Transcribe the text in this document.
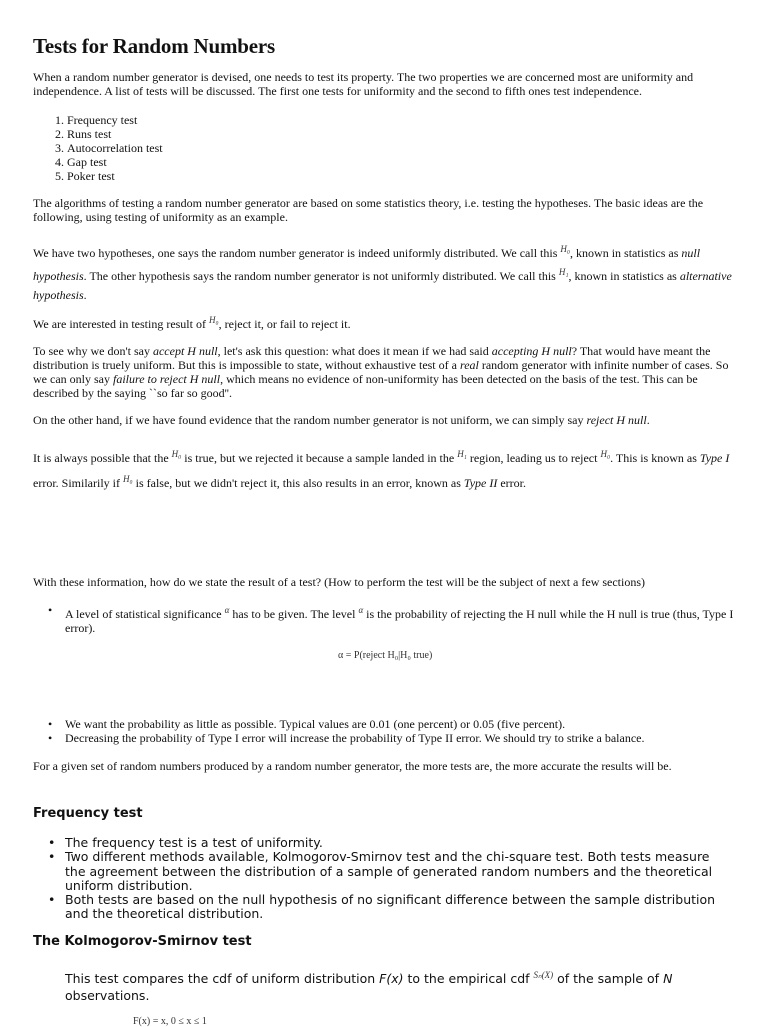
Tests for Random Numbers

When a random number generator is devised, one needs to test its property. The two properties we are concerned most are uniformity and independence. A list of tests will be discussed. The first one tests for uniformity and the second to fifth ones test independence.

1. Frequency test
2. Runs test
3. Autocorrelation test
4. Gap test
5. Poker test

The algorithms of testing a random number generator are based on some statistics theory, i.e. testing the hypotheses. The basic ideas are the following, using testing of uniformity as an example.

We have two hypotheses, one says the random number generator is indeed uniformly distributed. We call this $^{H_0}$, known in statistics as null hypothesis. The other hypothesis says the random number generator is not uniformly distributed. We call this $^{H_1}$, known in statistics as alternative hypothesis.

We are interested in testing result of $^{H_0}$, reject it, or fail to reject it.

To see why we don't say accept H null, let's ask this question: what does it mean if we had said accepting H null? That would have meant the distribution is truely uniform. But this is impossible to state, without exhaustive test of a real random generator with infinite number of cases. So we can only say failure to reject H null, which means no evidence of non-uniformity has been detected on the basis of the test. This can be described by the saying ``so far so good''.

On the other hand, if we have found evidence that the random number generator is not uniform, we can simply say reject H null.

It is always possible that the $^{H_0}$ is true, but we rejected it because a sample landed in the $^{H_1}$ region, leading us to reject $^{H_0}$. This is known as Type I error. Similarily if $^{H_0}$ is false, but we didn't reject it, this also results in an error, known as Type II error.

With these information, how do we state the result of a test? (How to perform the test will be the subject of next a few sections)

• A level of statistical significance $^\alpha$ has to be given. The level $^\alpha$ is the probability of rejecting the H null while the H null is true (thus, Type I error).
α = P(reject H₀|H₀ true)
• We want the probability as little as possible. Typical values are 0.01 (one percent) or 0.05 (five percent).
• Decreasing the probability of Type I error will increase the probability of Type II error. We should try to strike a balance.

For a given set of random numbers produced by a random number generator, the more tests are, the more accurate the results will be.

Frequency test
• The frequency test is a test of uniformity.
• Two different methods available, Kolmogorov-Smirnov test and the chi-square test. Both tests measure the agreement between the distribution of a sample of generated random numbers and the theoretical uniform distribution.
• Both tests are based on the null hypothesis of no significant difference between the sample distribution and the theoretical distribution.
The Kolmogorov-Smirnov test
This test compares the cdf of uniform distribution F(x) to the empirical cdf $^{S_n(X)}$ of the sample of N observations.
F(x) = x, 0 ≤ x ≤ 1
